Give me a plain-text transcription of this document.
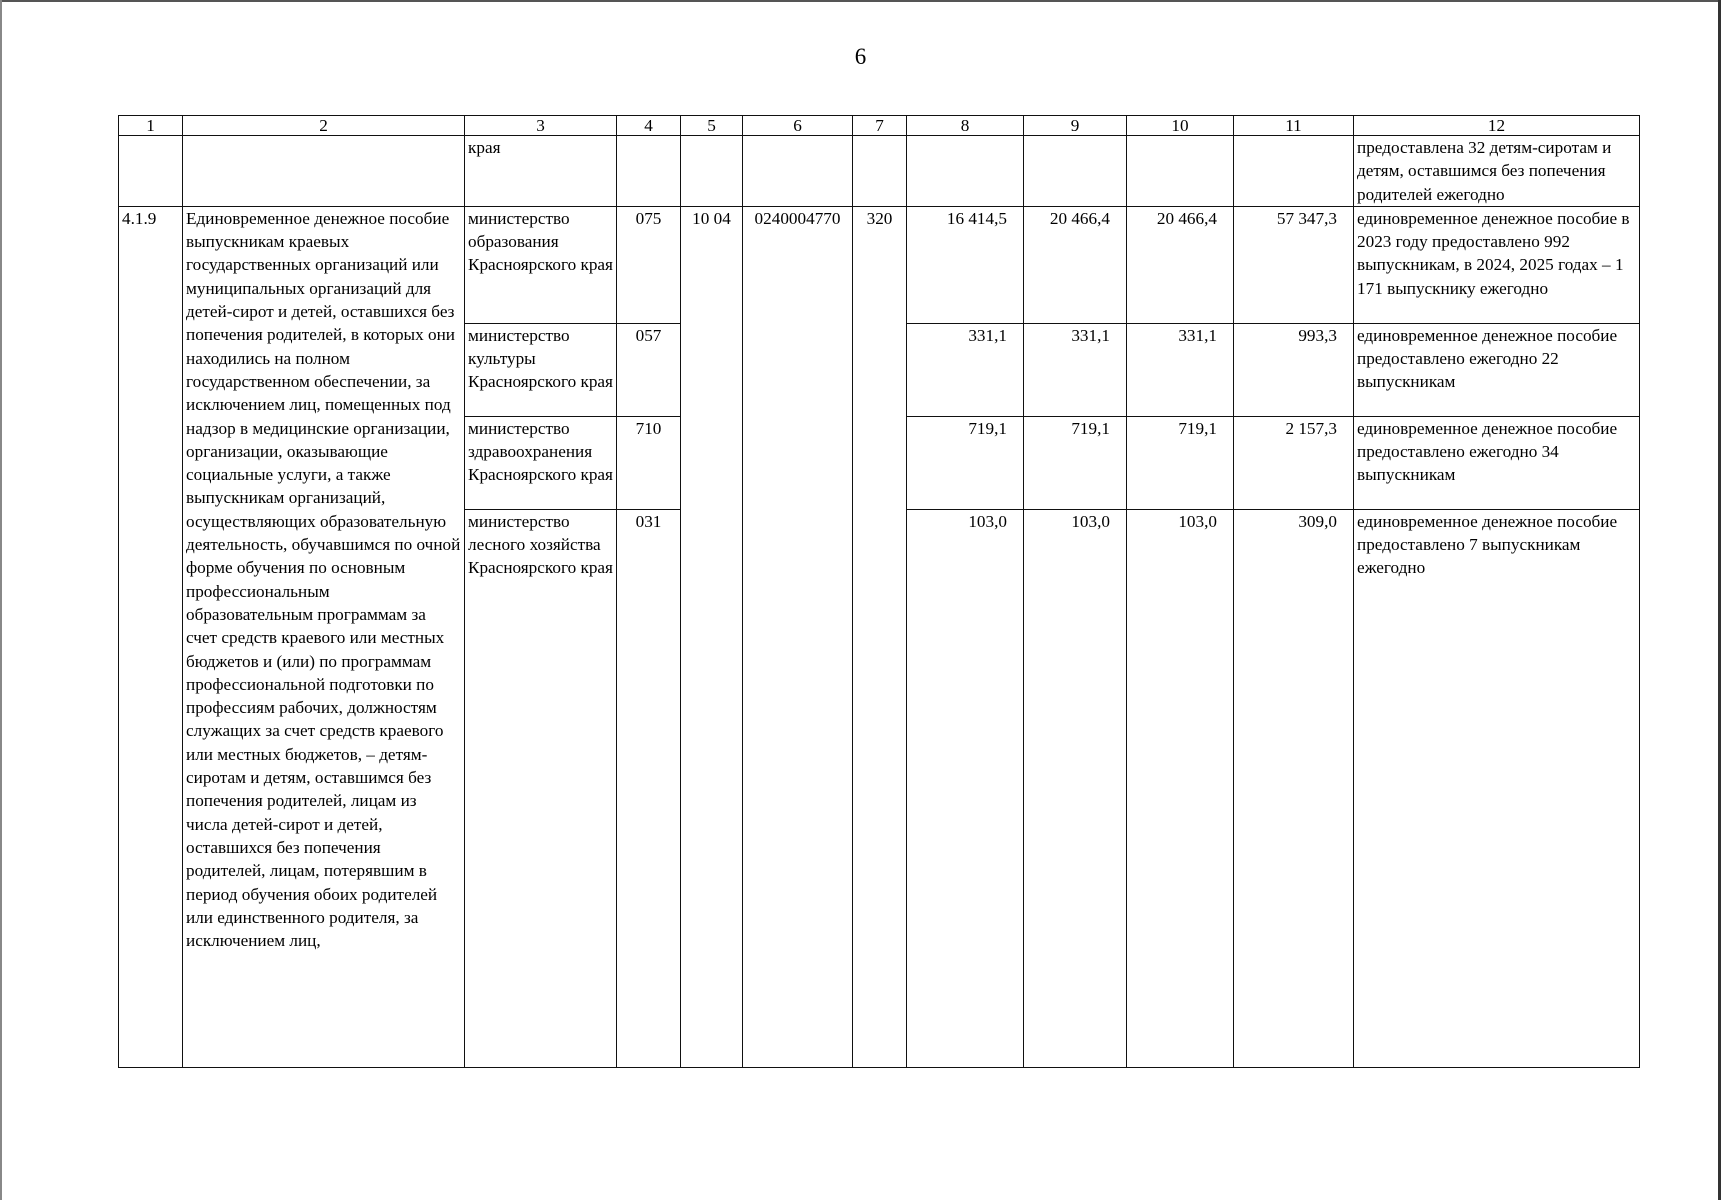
6
1	2	3	4	5	6	7	8	9	10	11	12
		края									предоставлена 32 детям-сиротам и детям, оставшимся без попечения родителей ежегодно
4.1.9	Единовременное денежное пособие выпускникам краевых государственных организаций или муниципальных организаций для детей-сирот и детей, оставшихся без попечения родителей, в которых они находились на полном государственном обеспечении, за исключением лиц, помещенных под надзор в медицинские организации, организации, оказывающие социальные услуги, а также выпускникам организаций, осуществляющих образовательную деятельность, обучавшимся по очной форме обучения по основным профессиональным образовательным программам за счет средств краевого или местных бюджетов и (или) по программам профессиональной подготовки по профессиям рабочих, должностям служащих за счет средств краевого или местных бюджетов, – детям-сиротам и детям, оставшимся без попечения родителей, лицам из числа детей-сирот и детей, оставшихся без попечения родителей, лицам, потерявшим в период обучения обоих родителей или единственного родителя, за исключением лиц,	министерство образования Красноярского края	075	10 04	0240004770	320	16 414,5	20 466,4	20 466,4	57 347,3	единовременное денежное пособие в 2023 году предоставлено 992 выпускникам, в 2024, 2025 годах – 1 171 выпускнику ежегодно
		министерство культуры Красноярского края	057				331,1	331,1	331,1	993,3	единовременное денежное пособие предоставлено ежегодно 22 выпускникам
		министерство здравоохранения Красноярского края	710				719,1	719,1	719,1	2 157,3	единовременное денежное пособие предоставлено ежегодно 34 выпускникам
		министерство лесного хозяйства Красноярского края	031				103,0	103,0	103,0	309,0	единовременное денежное пособие предоставлено 7 выпускникам ежегодно
